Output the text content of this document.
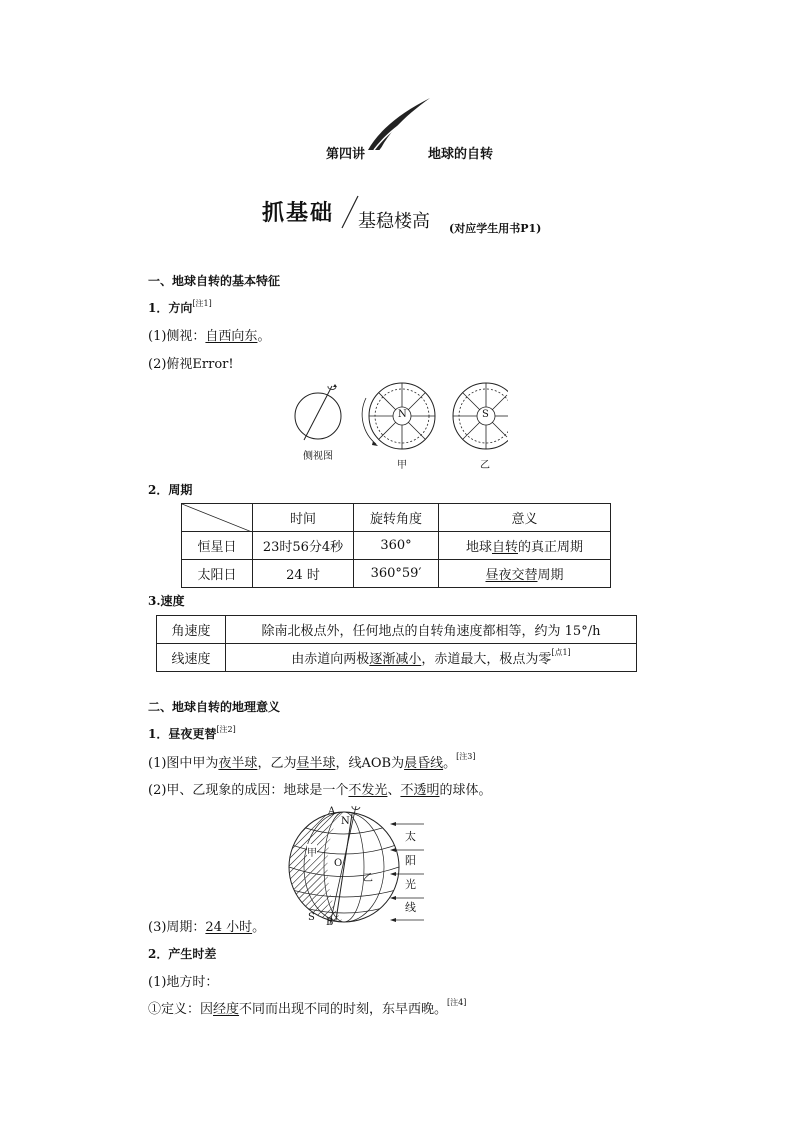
第四讲	地球的自转
抓基础 基稳楼高 (对应学生用书P1)
一、地球自转的基本特征
1．方向[注1]
(1)侧视：自西向东。
(2)俯视Error!
N	S
侧视图
甲	乙
2．周期
	时间	旋转角度	意义
恒星日	23时56分4秒	360°	地球自转的真正周期
太阳日	24 时	360°59′	昼夜交替周期
3.速度
角速度	除南北极点外，任何地点的自转角速度都相等，约为 15°/h
线速度	由赤道向两极逐渐减小，赤道最大，极点为零[点1]
二、地球自转的地理意义
1．昼夜更替[注2]
(1)图中甲为夜半球，乙为昼半球，线AOB为晨昏线。[注3]
(2)甲、乙现象的成因：地球是一个不发光、不透明的球体。
A
N
甲
O
乙
S B
太
阳
光
线
(3)周期：24 小时。
2．产生时差
(1)地方时：
①定义：因经度不同而出现不同的时刻，东早西晚。[注4]
